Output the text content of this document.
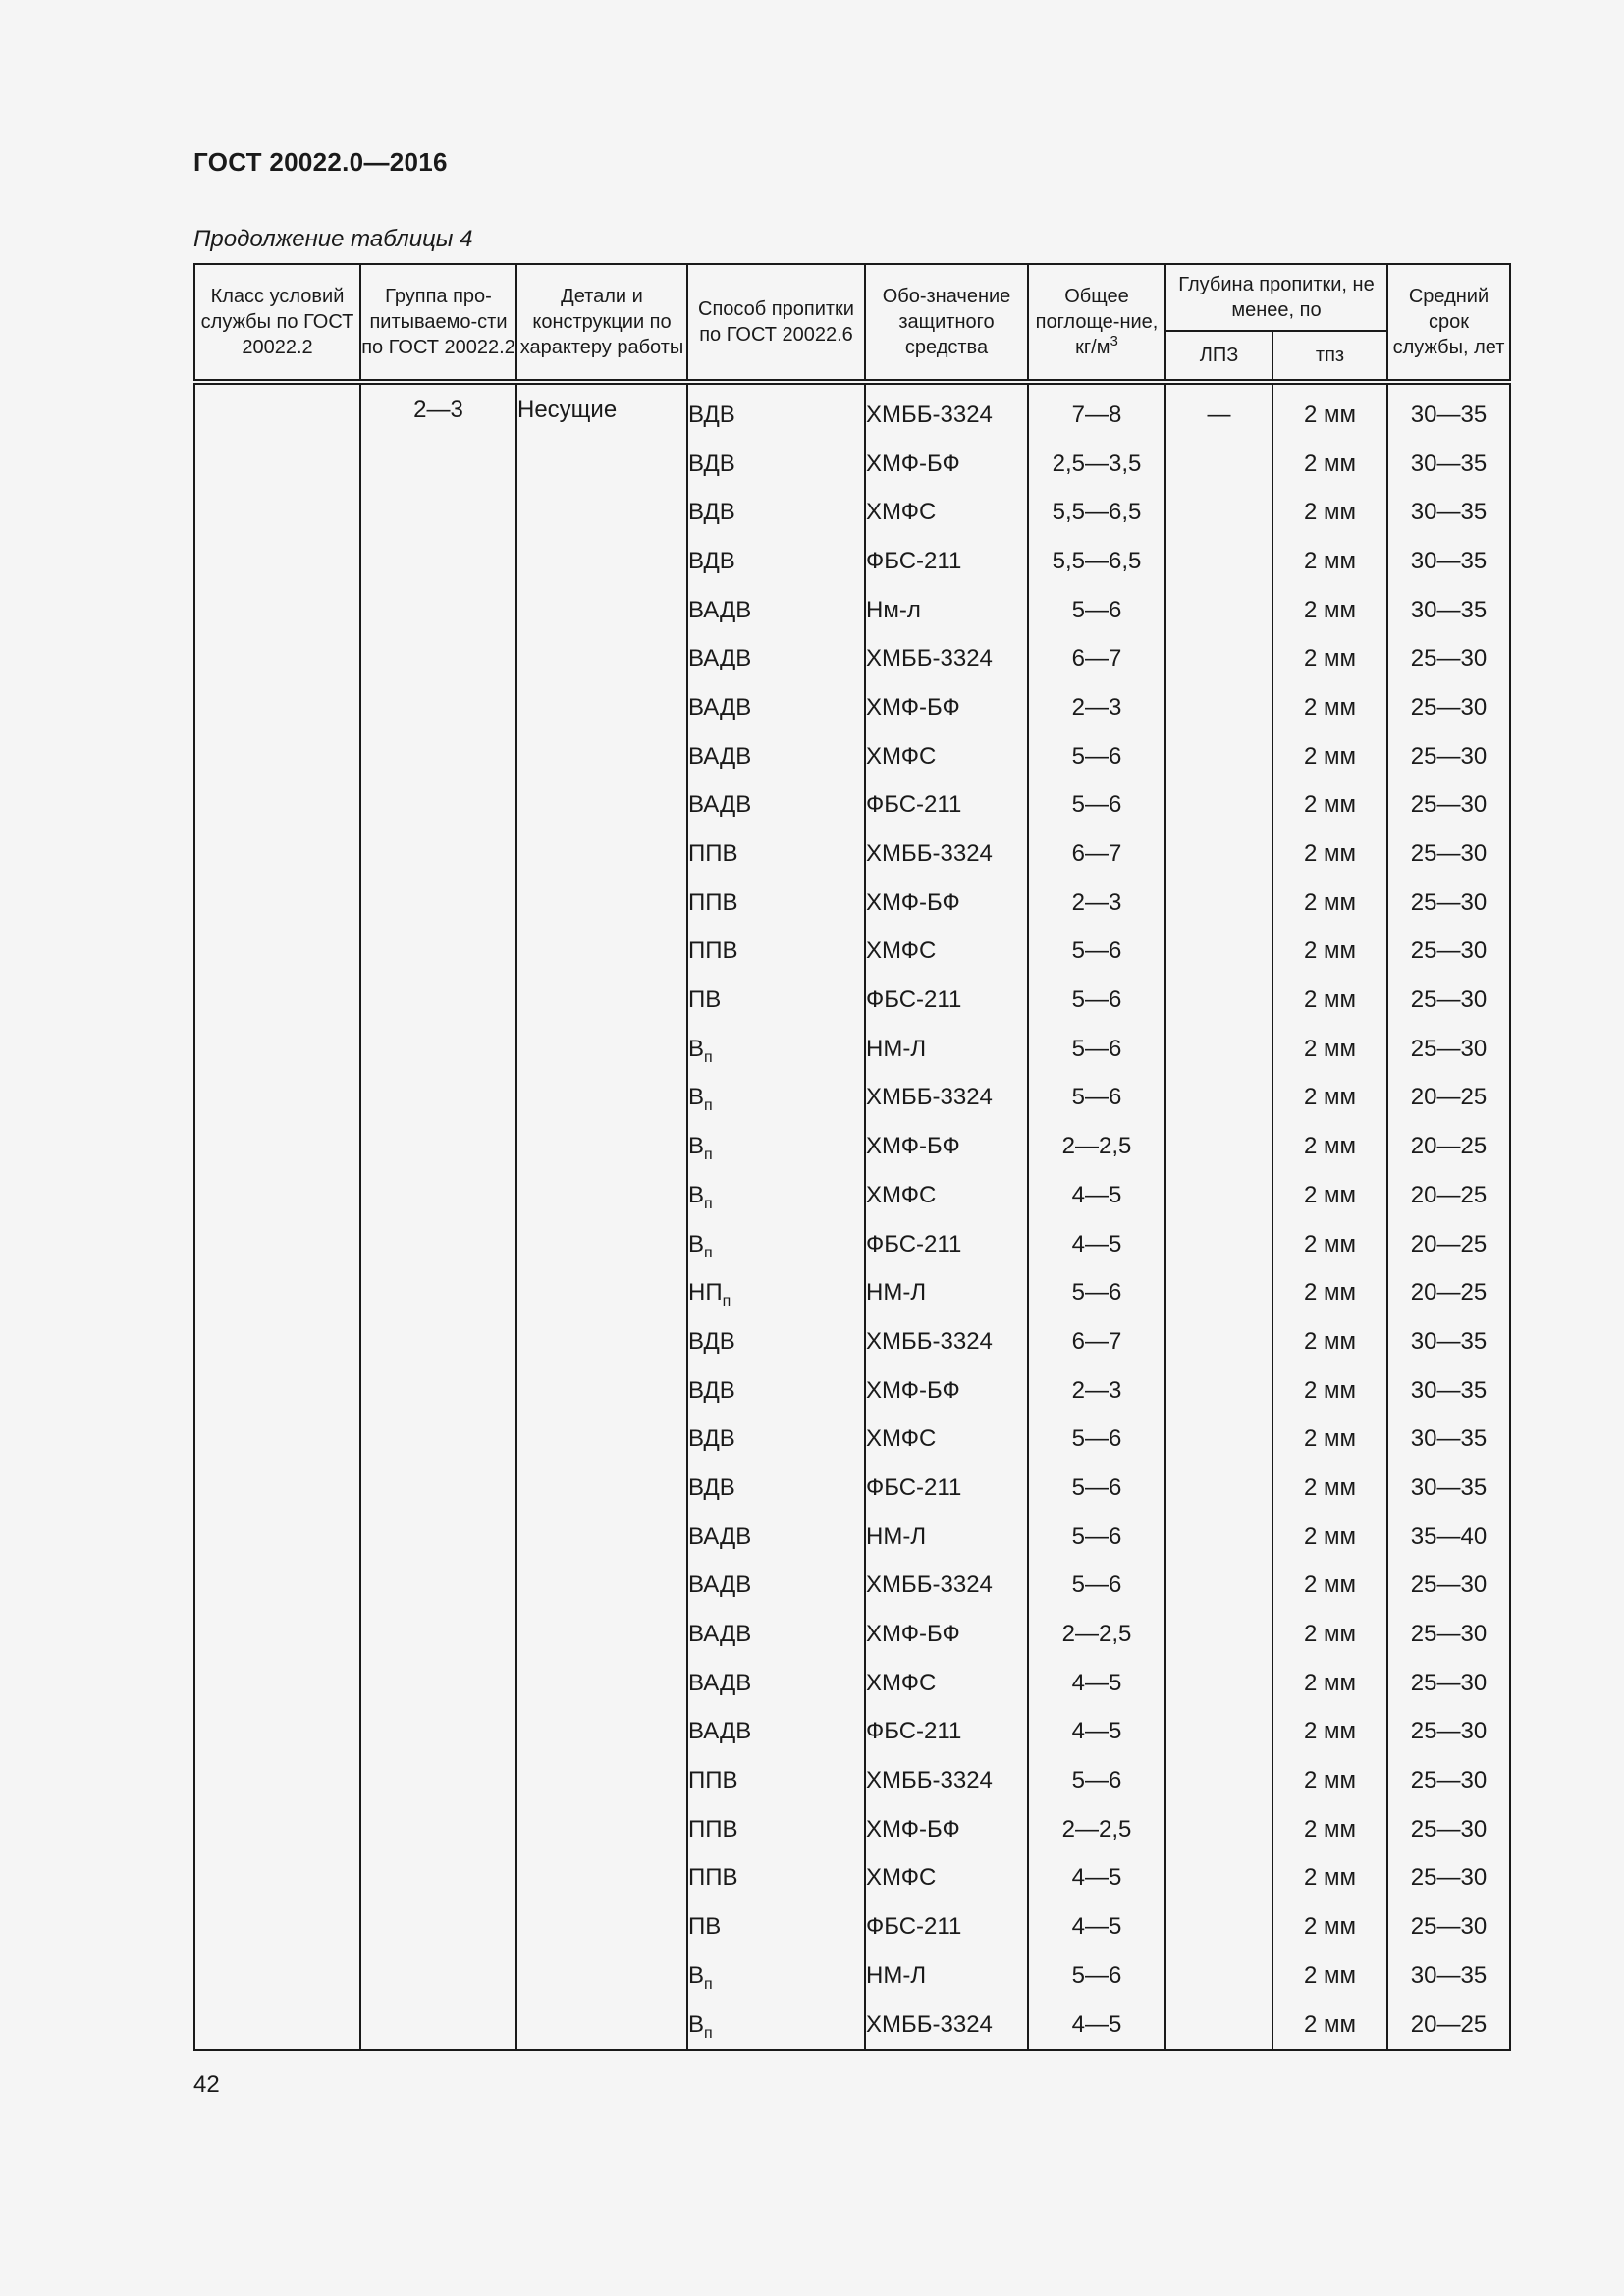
ГОСТ 20022.0—2016
Продолжение таблицы 4
Класс условий службы по ГОСТ 20022.2	Группа про-питываемо-сти по ГОСТ 20022.2	Детали и конструкции по характеру работы	Способ пропитки по ГОСТ 20022.6	Обо-значение защитного средства	Общее поглоще-ние, $кг/м^3$	Глубина пропитки, не менее, по		Средний срок службы, лет
						ЛПЗ	тпз	
	2—3	Несущие	ВДВ	ХМББ-3324	7—8	—	2 мм	30—35
			ВДВ	ХМФ-БФ	2,5—3,5		2 мм	30—35
			ВДВ	ХМФС	5,5—6,5		2 мм	30—35
			ВДВ	ФБС-211	5,5—6,5		2 мм	30—35
			ВАДВ	Нм-л	5—6		2 мм	30—35
			ВАДВ	ХМББ-3324	6—7		2 мм	25—30
			ВАДВ	ХМФ-БФ	2—3		2 мм	25—30
			ВАДВ	ХМФС	5—6		2 мм	25—30
			ВАДВ	ФБС-211	5—6		2 мм	25—30
			ППВ	ХМББ-3324	6—7		2 мм	25—30
			ППВ	ХМФ-БФ	2—3		2 мм	25—30
			ППВ	ХМФС	5—6		2 мм	25—30
			ПВ	ФБС-211	5—6		2 мм	25—30
			$В_п$	НМ-Л	5—6		2 мм	25—30
			$В_п$	ХМББ-3324	5—6		2 мм	20—25
			$В_п$	ХМФ-БФ	2—2,5		2 мм	20—25
			$В_п$	ХМФС	4—5		2 мм	20—25
			$В_п$	ФБС-211	4—5		2 мм	20—25
			$НП_п$	НМ-Л	5—6		2 мм	20—25
			ВДВ	ХМББ-3324	6—7		2 мм	30—35
			ВДВ	ХМФ-БФ	2—3		2 мм	30—35
			ВДВ	ХМФС	5—6		2 мм	30—35
			ВДВ	ФБС-211	5—6		2 мм	30—35
			ВАДВ	НМ-Л	5—6		2 мм	35—40
			ВАДВ	ХМББ-3324	5—6		2 мм	25—30
			ВАДВ	ХМФ-БФ	2—2,5		2 мм	25—30
			ВАДВ	ХМФС	4—5		2 мм	25—30
			ВАДВ	ФБС-211	4—5		2 мм	25—30
			ППВ	ХМББ-3324	5—6		2 мм	25—30
			ППВ	ХМФ-БФ	2—2,5		2 мм	25—30
			ППВ	ХМФС	4—5		2 мм	25—30
			ПВ	ФБС-211	4—5		2 мм	25—30
			$В_п$	НМ-Л	5—6		2 мм	30—35
			$В_п$	ХМББ-3324	4—5		2 мм	20—25
42
